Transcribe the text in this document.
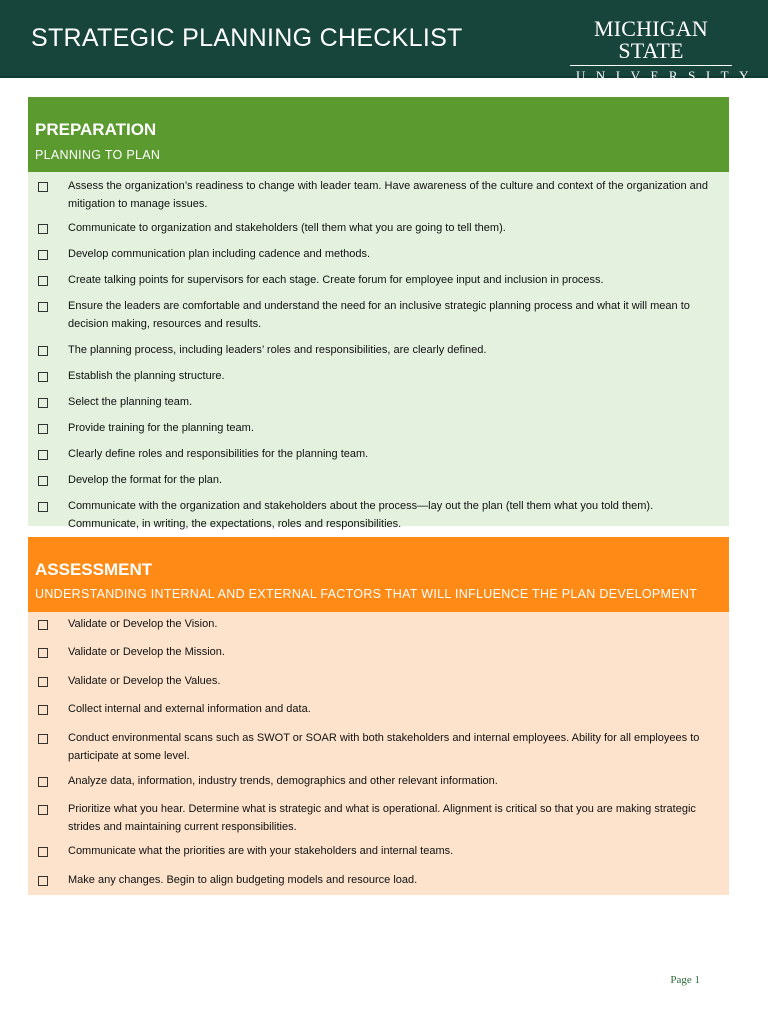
STRATEGIC PLANNING CHECKLIST	MICHIGAN STATE
UNIVERSITY
PREPARATION
PLANNING TO PLAN
Assess the organization’s readiness to change with leader team. Have awareness of the culture and context of the organization and mitigation to manage issues.
Communicate to organization and stakeholders (tell them what you are going to tell them).
Develop communication plan including cadence and methods.
Create talking points for supervisors for each stage. Create forum for employee input and inclusion in process.
Ensure the leaders are comfortable and understand the need for an inclusive strategic planning process and what it will mean to decision making, resources and results.
The planning process, including leaders’ roles and responsibilities, are clearly defined.
Establish the planning structure.
Select the planning team.
Provide training for the planning team.
Clearly define roles and responsibilities for the planning team.
Develop the format for the plan.
Communicate with the organization and stakeholders about the process—lay out the plan (tell them what you told them). Communicate, in writing, the expectations, roles and responsibilities.
ASSESSMENT
UNDERSTANDING INTERNAL AND EXTERNAL FACTORS THAT WILL INFLUENCE THE PLAN DEVELOPMENT
Validate or Develop the Vision.
Validate or Develop the Mission.
Validate or Develop the Values.
Collect internal and external information and data.
Conduct environmental scans such as SWOT or SOAR with both stakeholders and internal employees. Ability for all employees to participate at some level.
Analyze data, information, industry trends, demographics and other relevant information.
Prioritize what you hear. Determine what is strategic and what is operational. Alignment is critical so that you are making strategic strides and maintaining current responsibilities.
Communicate what the priorities are with your stakeholders and internal teams.
Make any changes. Begin to align budgeting models and resource load.
Page 1
